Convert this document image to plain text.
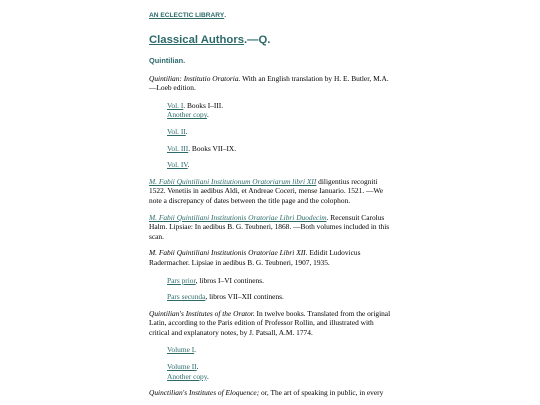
AN ECLECTIC LIBRARY.
Classical Authors.—Q.
Quintilian.

Quintilian: Institutio Oratoria. With an English translation by H. E. Butler, M.A. —Loeb edition.

Vol. I. Books I–III.
Another copy.
Vol. II.
Vol. III. Books VII–IX.
Vol. IV.

M. Fabii Quintiliani Institutionum Oratoriarum libri XII diligentius recogniti 1522. Venetiis in aedibus Aldi, et Andreae Coceri, mense Ianuario. 1521. —We note a discrepancy of dates between the title page and the colophon.

M. Fabii Quintiliani Institutionis Oratoriae Libri Duodecim. Recensuit Carolus Halm. Lipsiae: In aedibus B. G. Teubneri, 1868. —Both volumes included in this scan.

M. Fabii Quintiliani Institutionis Oratoriae Libri XII. Edidit Ludovicus Radermacher. Lipsiae in aedibus B. G. Teubneri, 1907, 1935.

Pars prior, libros I–VI continens.
Pars secunda, libros VII–XII continens.

Quintilian's Institutes of the Orator. In twelve books. Translated from the original Latin, according to the Paris edition of Professor Rollin, and illustrated with critical and explanatory notes, by J. Patsall, A.M. 1774.

Volume I.
Volume II.
Another copy.

Quinctilian's Institutes of Eloquence; or, The art of speaking in public, in every
